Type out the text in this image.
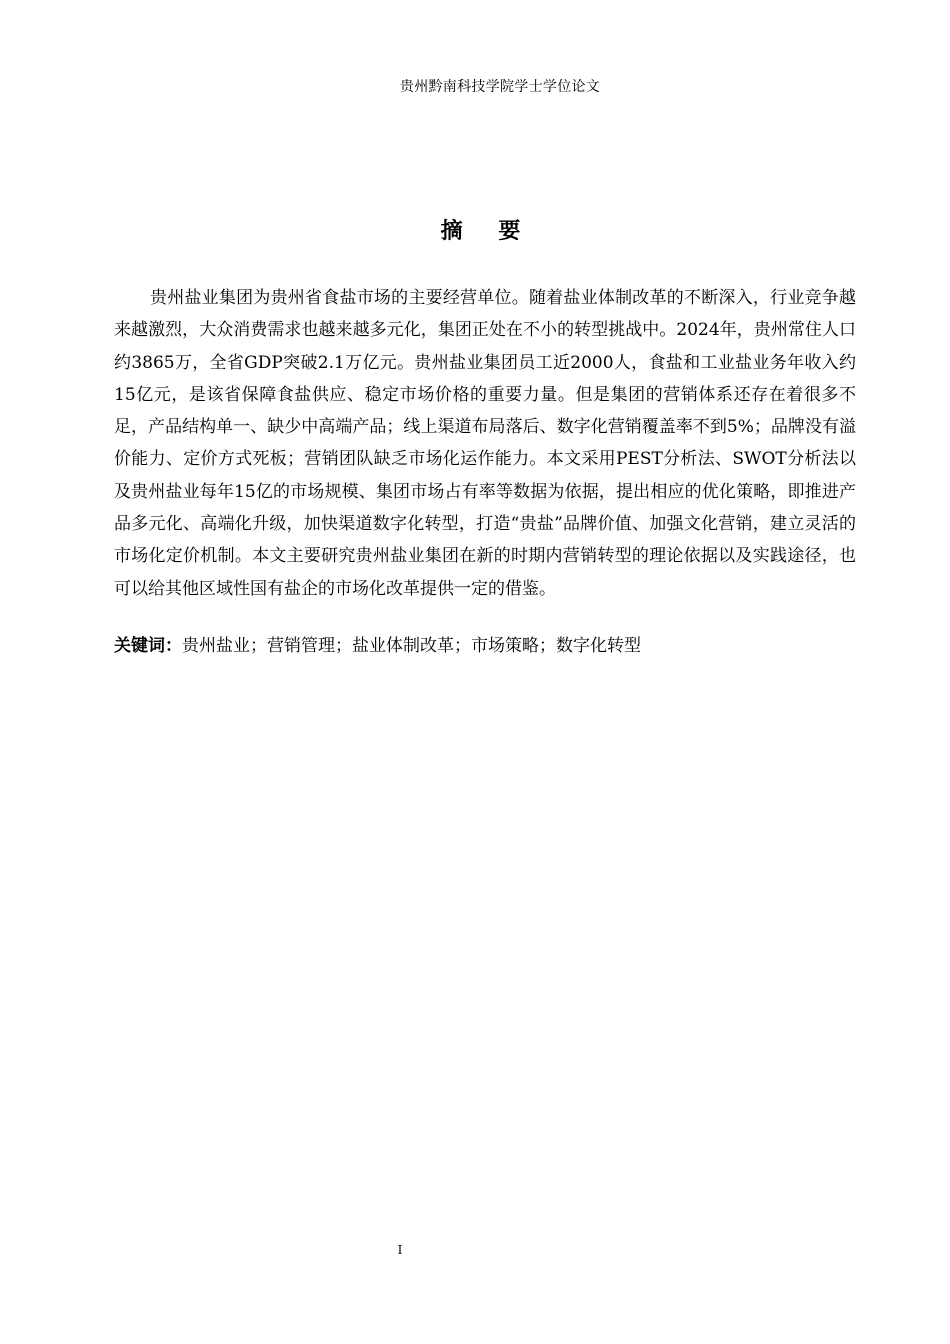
贵州黔南科技学院学士学位论文
摘 要

贵州盐业集团为贵州省食盐市场的主要经营单位。随着盐业体制改革的不断深入，行业竞争越来越激烈，大众消费需求也越来越多元化，集团正处在不小的转型挑战中。2024年，贵州常住人口约3865万，全省GDP突破2.1万亿元。贵州盐业集团员工近2000人，食盐和工业盐业务年收入约15亿元，是该省保障食盐供应、稳定市场价格的重要力量。但是集团的营销体系还存在着很多不足，产品结构单一、缺少中高端产品；线上渠道布局落后、数字化营销覆盖率不到5%；品牌没有溢价能力、定价方式死板；营销团队缺乏市场化运作能力。本文采用PEST分析法、SWOT分析法以及贵州盐业每年15亿的市场规模、集团市场占有率等数据为依据，提出相应的优化策略，即推进产品多元化、高端化升级，加快渠道数字化转型，打造“贵盐”品牌价值、加强文化营销，建立灵活的市场化定价机制。本文主要研究贵州盐业集团在新的时期内营销转型的理论依据以及实践途径，也可以给其他区域性国有盐企的市场化改革提供一定的借鉴。

关键词：贵州盐业；营销管理；盐业体制改革；市场策略；数字化转型
I
